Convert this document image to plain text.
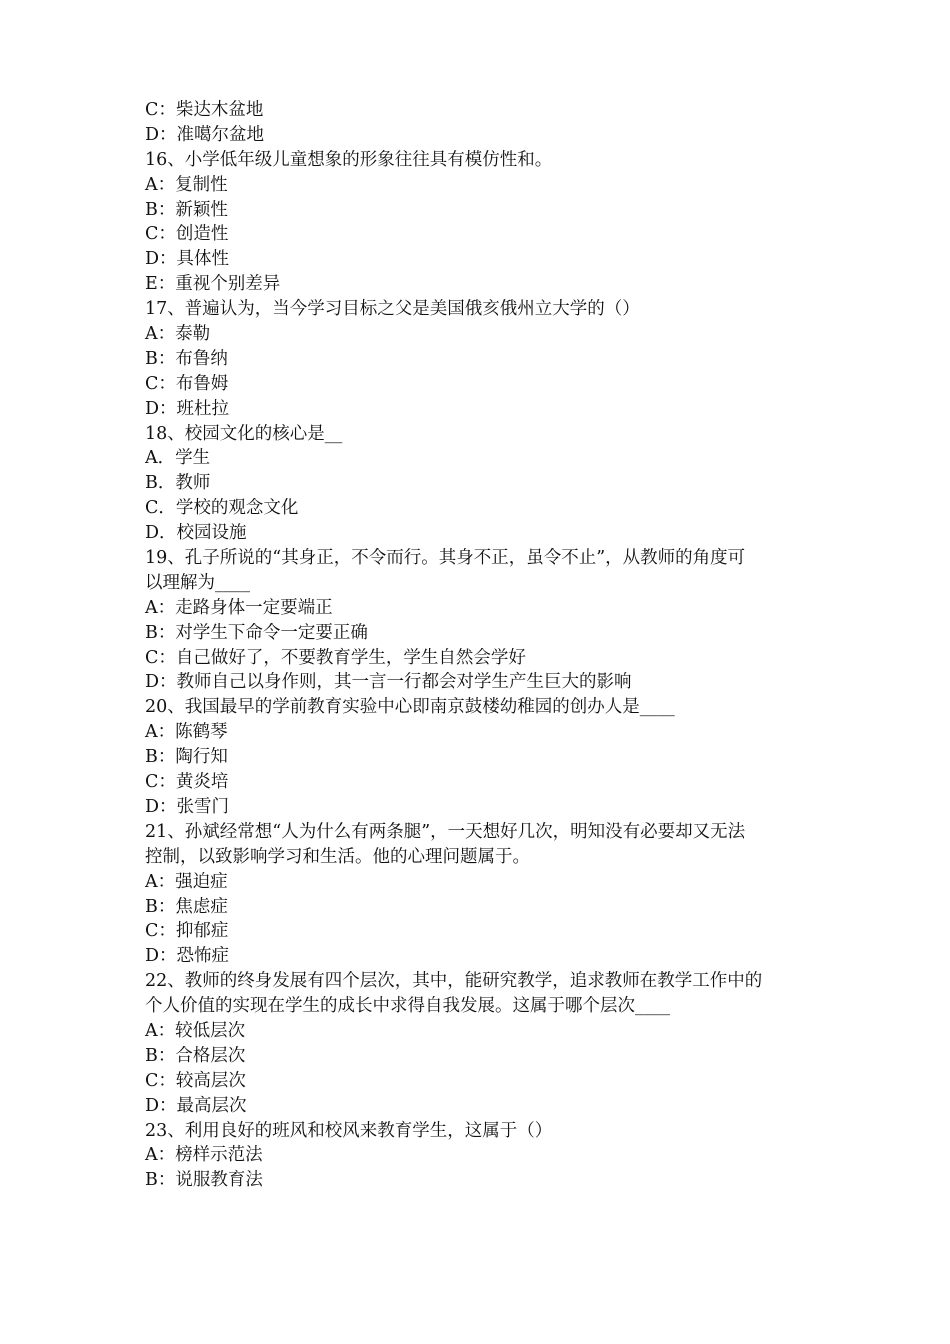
C：柴达木盆地
D：准噶尔盆地
16、小学低年级儿童想象的形象往往具有模仿性和。
A：复制性
B：新颖性
C：创造性
D：具体性
E：重视个别差异
17、普遍认为，当今学习目标之父是美国俄亥俄州立大学的（）
A：泰勒
B：布鲁纳
C：布鲁姆
D：班杜拉
18、校园文化的核心是__
A．学生
B．教师
C．学校的观念文化
D．校园设施
19、孔子所说的“其身正，不令而行。其身不正，虽令不止”，从教师的角度可
以理解为____
A：走路身体一定要端正
B：对学生下命令一定要正确
C：自己做好了，不要教育学生，学生自然会学好
D：教师自己以身作则，其一言一行都会对学生产生巨大的影响
20、我国最早的学前教育实验中心即南京鼓楼幼稚园的创办人是____
A：陈鹤琴
B：陶行知
C：黄炎培
D：张雪门
21、孙斌经常想“人为什么有两条腿”，一天想好几次，明知没有必要却又无法
控制，以致影响学习和生活。他的心理问题属于。
A：强迫症
B：焦虑症
C：抑郁症
D：恐怖症
22、教师的终身发展有四个层次，其中，能研究教学，追求教师在教学工作中的
个人价值的实现在学生的成长中求得自我发展。这属于哪个层次____
A：较低层次
B：合格层次
C：较高层次
D：最高层次
23、利用良好的班风和校风来教育学生，这属于（）
A：榜样示范法
B：说服教育法
